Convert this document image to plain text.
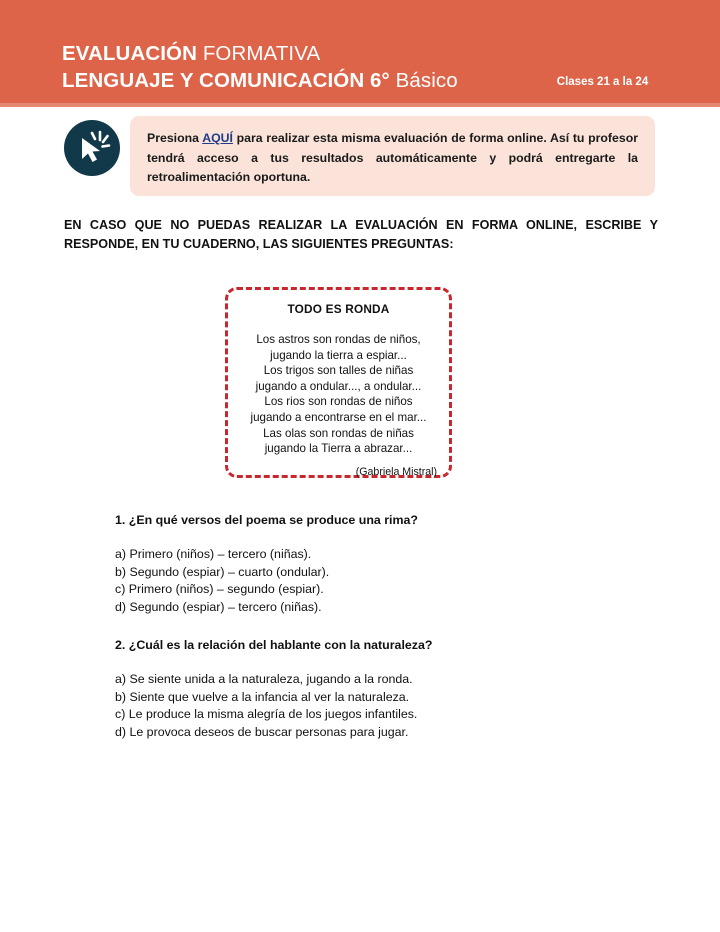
EVALUACIÓN FORMATIVA
LENGUAJE Y COMUNICACIÓN 6° Básico	Clases 21 a la 24

Presiona AQUÍ para realizar esta misma evaluación de forma online. Así tu profesor tendrá acceso a tus resultados automáticamente y podrá entregarte la retroalimentación oportuna.

EN CASO QUE NO PUEDAS REALIZAR LA EVALUACIÓN EN FORMA ONLINE, ESCRIBE Y RESPONDE, EN TU CUADERNO, LAS SIGUIENTES PREGUNTAS:
TODO ES RONDA
Los astros son rondas de niños,
jugando la tierra a espiar...
Los trigos son talles de niñas
jugando a ondular..., a ondular...
Los rios son rondas de niños
jugando a encontrarse en el mar...
Las olas son rondas de niñas
jugando la Tierra a abrazar...
(Gabriela Mistral)
1. ¿En qué versos del poema se produce una rima?
a) Primero (niños) – tercero (niñas).
b) Segundo (espiar) – cuarto (ondular).
c) Primero (niños) – segundo (espiar).
d) Segundo (espiar) – tercero (niñas).
2. ¿Cuál es la relación del hablante con la naturaleza?
a) Se siente unida a la naturaleza, jugando a la ronda.
b) Siente que vuelve a la infancia al ver la naturaleza.
c) Le produce la misma alegría de los juegos infantiles.
d) Le provoca deseos de buscar personas para jugar.
